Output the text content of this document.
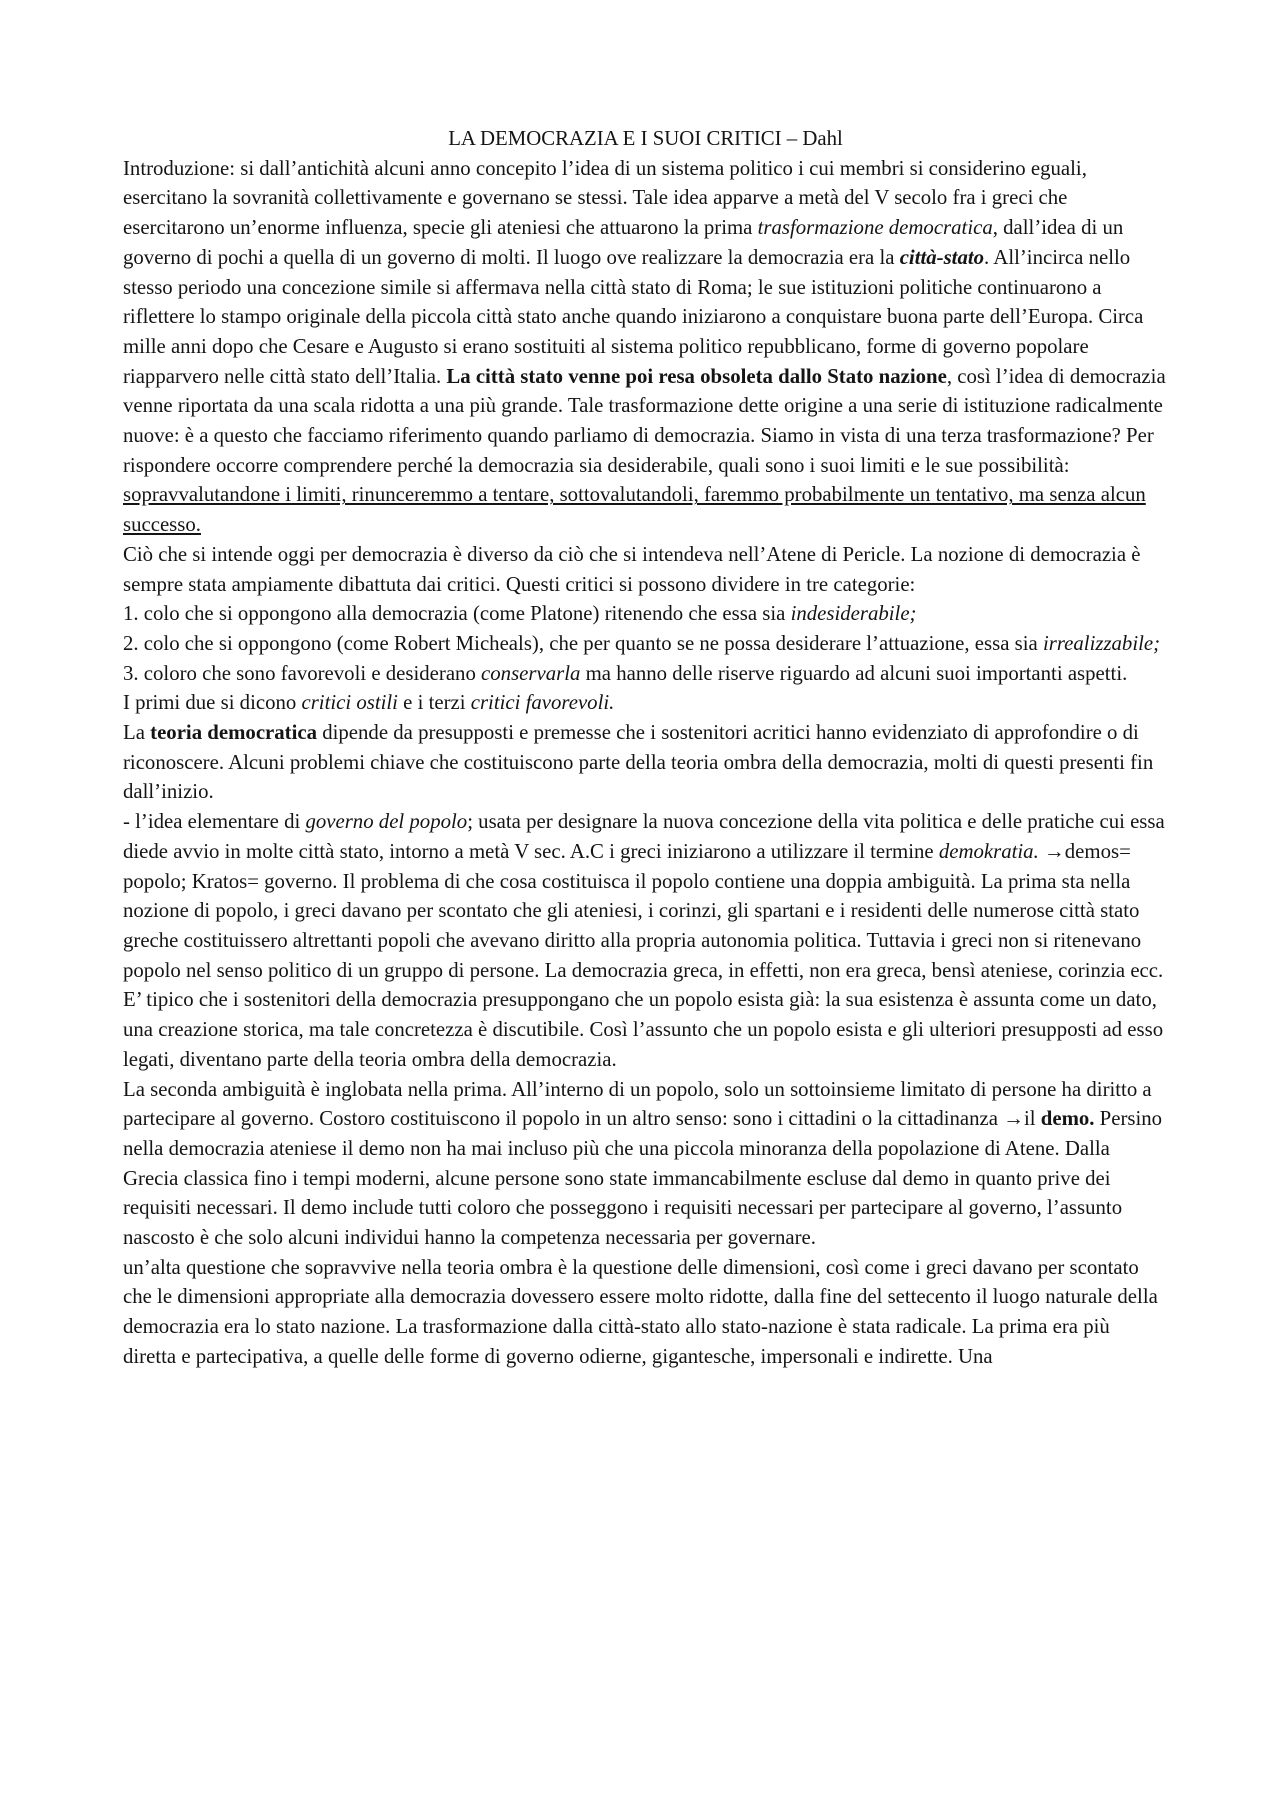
LA DEMOCRAZIA E I SUOI CRITICI – Dahl

Introduzione: si dall’antichità alcuni anno concepito l’idea di un sistema politico i cui membri si considerino eguali, esercitano la sovranità collettivamente e governano se stessi. Tale idea apparve a metà del V secolo fra i greci che esercitarono un’enorme influenza, specie gli ateniesi che attuarono la prima trasformazione democratica, dall’idea di un governo di pochi a quella di un governo di molti. Il luogo ove realizzare la democrazia era la città-stato. All’incirca nello stesso periodo una concezione simile si affermava nella città stato di Roma; le sue istituzioni politiche continuarono a riflettere lo stampo originale della piccola città stato anche quando iniziarono a conquistare buona parte dell’Europa. Circa mille anni dopo che Cesare e Augusto si erano sostituiti al sistema politico repubblicano, forme di governo popolare riapparvero nelle città stato dell’Italia. La città stato venne poi resa obsoleta dallo Stato nazione, così l’idea di democrazia venne riportata da una scala ridotta a una più grande. Tale trasformazione dette origine a una serie di istituzione radicalmente nuove: è a questo che facciamo riferimento quando parliamo di democrazia. Siamo in vista di una terza trasformazione? Per rispondere occorre comprendere perché la democrazia sia desiderabile, quali sono i suoi limiti e le sue possibilità: sopravvalutandone i limiti, rinunceremmo a tentare, sottovalutandoli, faremmo probabilmente un tentativo, ma senza alcun successo.

Ciò che si intende oggi per democrazia è diverso da ciò che si intendeva nell’Atene di Pericle. La nozione di democrazia è sempre stata ampiamente dibattuta dai critici. Questi critici si possono dividere in tre categorie:

1. colo che si oppongono alla democrazia (come Platone) ritenendo che essa sia indesiderabile;

2. colo che si oppongono (come Robert Micheals), che per quanto se ne possa desiderare l’attuazione, essa sia irrealizzabile;

3. coloro che sono favorevoli e desiderano conservarla ma hanno delle riserve riguardo ad alcuni suoi importanti aspetti.

I primi due si dicono critici ostili e i terzi critici favorevoli.

La teoria democratica dipende da presupposti e premesse che i sostenitori acritici hanno evidenziato di approfondire o di riconoscere. Alcuni problemi chiave che costituiscono parte della teoria ombra della democrazia, molti di questi presenti fin dall’inizio.

- l’idea elementare di governo del popolo; usata per designare la nuova concezione della vita politica e delle pratiche cui essa diede avvio in molte città stato, intorno a metà V sec. A.C i greci iniziarono a utilizzare il termine demokratia. →demos= popolo; Kratos= governo. Il problema di che cosa costituisca il popolo contiene una doppia ambiguità. La prima sta nella nozione di popolo, i greci davano per scontato che gli ateniesi, i corinzi, gli spartani e i residenti delle numerose città stato greche costituissero altrettanti popoli che avevano diritto alla propria autonomia politica. Tuttavia i greci non si ritenevano popolo nel senso politico di un gruppo di persone. La democrazia greca, in effetti, non era greca, bensì ateniese, corinzia ecc. E’ tipico che i sostenitori della democrazia presuppongano che un popolo esista già: la sua esistenza è assunta come un dato, una creazione storica, ma tale concretezza è discutibile. Così l’assunto che un popolo esista e gli ulteriori presupposti ad esso legati, diventano parte della teoria ombra della democrazia.

La seconda ambiguità è inglobata nella prima. All’interno di un popolo, solo un sottoinsieme limitato di persone ha diritto a partecipare al governo. Costoro costituiscono il popolo in un altro senso: sono i cittadini o la cittadinanza →il demo. Persino nella democrazia ateniese il demo non ha mai incluso più che una piccola minoranza della popolazione di Atene. Dalla Grecia classica fino i tempi moderni, alcune persone sono state immancabilmente escluse dal demo in quanto prive dei requisiti necessari. Il demo include tutti coloro che posseggono i requisiti necessari per partecipare al governo, l’assunto nascosto è che solo alcuni individui hanno la competenza necessaria per governare.

un’alta questione che sopravvive nella teoria ombra è la questione delle dimensioni, così come i greci davano per scontato che le dimensioni appropriate alla democrazia dovessero essere molto ridotte, dalla fine del settecento il luogo naturale della democrazia era lo stato nazione. La trasformazione dalla città-stato allo stato-nazione è stata radicale. La prima era più diretta e partecipativa, a quelle delle forme di governo odierne, gigantesche, impersonali e indirette. Una
